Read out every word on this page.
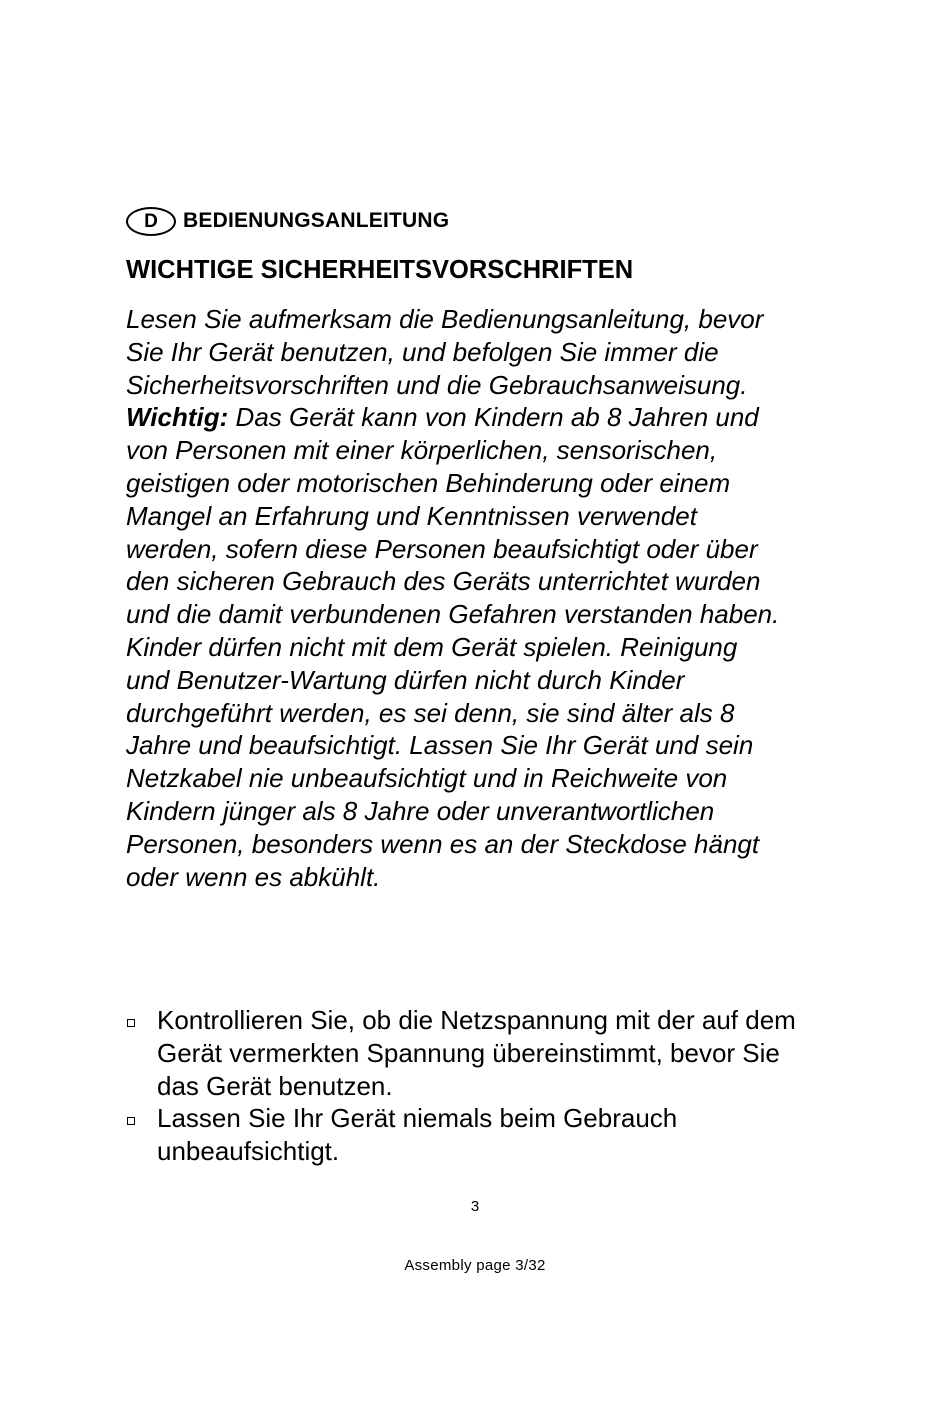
D	BEDIENUNGSANLEITUNG
WICHTIGE SICHERHEITSVORSCHRIFTEN

Lesen Sie aufmerksam die Bedienungsanleitung, bevor Sie Ihr Gerät benutzen, und befolgen Sie immer die Sicherheitsvorschriften und die Gebrauchsanweisung.

Wichtig: Das Gerät kann von Kindern ab 8 Jahren und von Personen mit einer körperlichen, sensorischen, geistigen oder motorischen Behinderung oder einem Mangel an Erfahrung und Kenntnissen verwendet werden, sofern diese Personen beaufsichtigt oder über den sicheren Gebrauch des Geräts unterrichtet wurden und die damit verbundenen Gefahren verstanden haben. Kinder dürfen nicht mit dem Gerät spielen. Reinigung und Benutzer-Wartung dürfen nicht durch Kinder durchgeführt werden, es sei denn, sie sind älter als 8 Jahre und beaufsichtigt. Lassen Sie Ihr Gerät und sein Netzkabel nie unbeaufsichtigt und in Reichweite von Kindern jünger als 8 Jahre oder unverantwortlichen Personen, besonders wenn es an der Steckdose hängt oder wenn es abkühlt.

Kontrollieren Sie, ob die Netzspannung mit der auf dem Gerät vermerkten Spannung übereinstimmt, bevor Sie das Gerät benutzen.
Lassen Sie Ihr Gerät niemals beim Gebrauch unbeaufsichtigt.
3
Assembly page 3/32
